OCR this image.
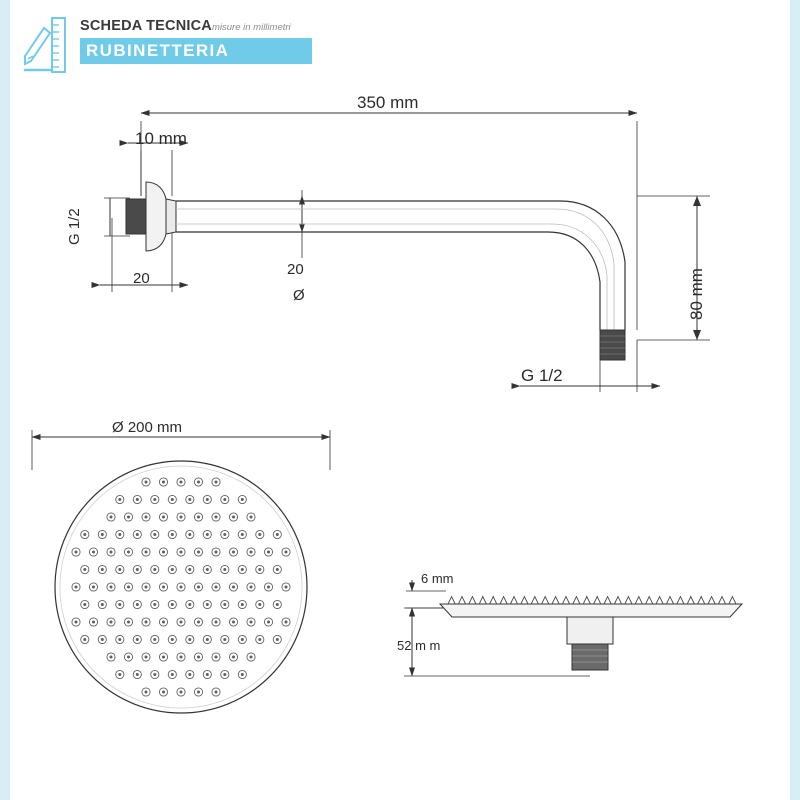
SCHEDA TECNICA misure in millimetri
RUBINETTERIA
350 mm
10 mm
G 1/2
20
20
Ø	80 mm
G 1/2
Ø 200 mm
6 mm
52 m m
